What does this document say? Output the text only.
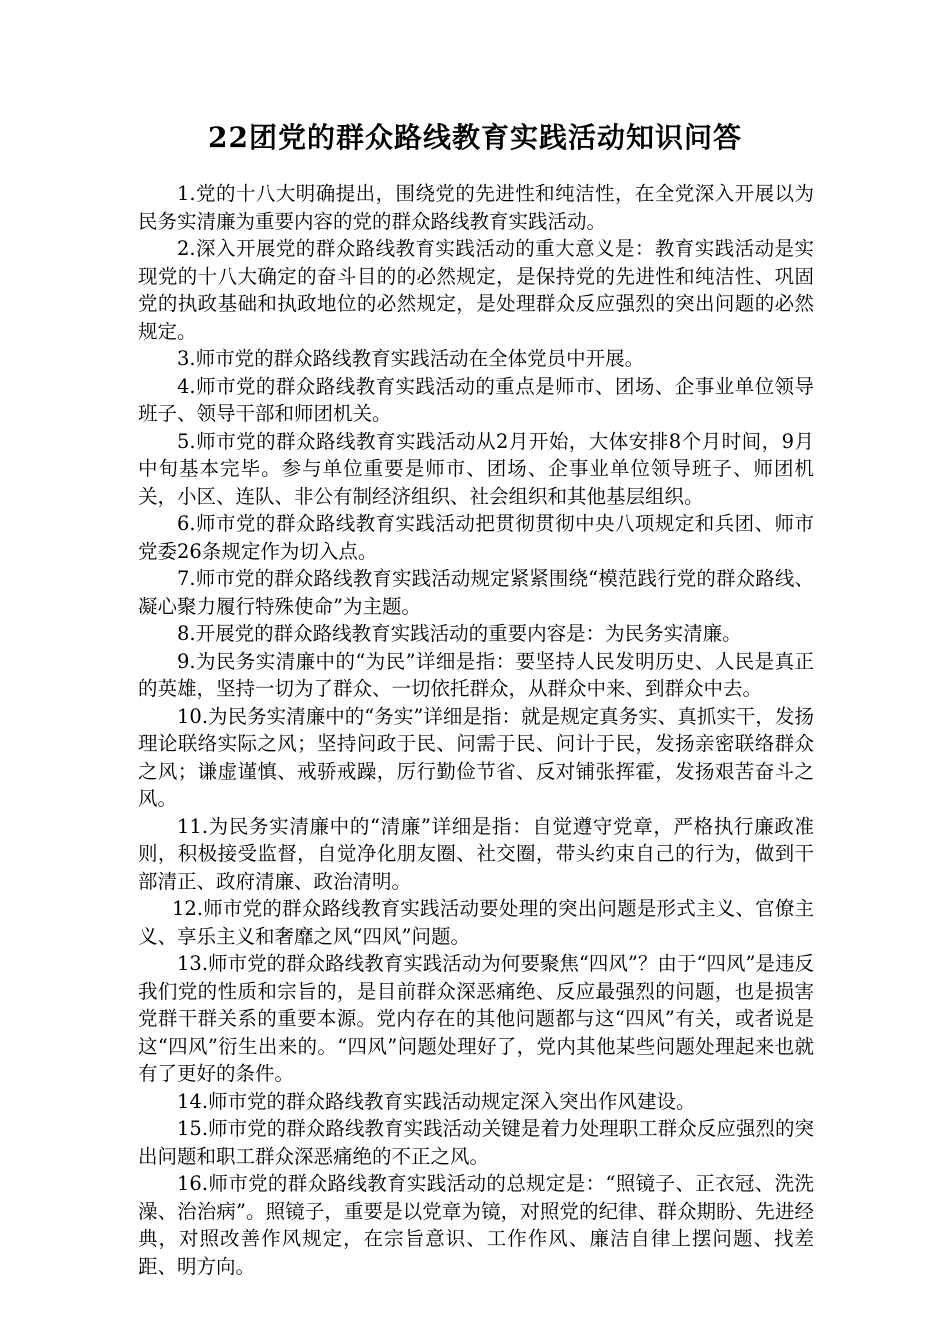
22团党的群众路线教育实践活动知识问答

1.党的十八大明确提出，围绕党的先进性和纯洁性，在全党深入开展以为民务实清廉为重要内容的党的群众路线教育实践活动。

2.深入开展党的群众路线教育实践活动的重大意义是：教育实践活动是实现党的十八大确定的奋斗目的的必然规定，是保持党的先进性和纯洁性、巩固党的执政基础和执政地位的必然规定，是处理群众反应强烈的突出问题的必然规定。

3.师市党的群众路线教育实践活动在全体党员中开展。

4.师市党的群众路线教育实践活动的重点是师市、团场、企事业单位领导班子、领导干部和师团机关。

5.师市党的群众路线教育实践活动从2月开始，大体安排8个月时间，9月中旬基本完毕。参与单位重要是师市、团场、企事业单位领导班子、师团机关，小区、连队、非公有制经济组织、社会组织和其他基层组织。

6.师市党的群众路线教育实践活动把贯彻贯彻中央八项规定和兵团、师市党委26条规定作为切入点。

7.师市党的群众路线教育实践活动规定紧紧围绕“模范践行党的群众路线、凝心聚力履行特殊使命”为主题。

8.开展党的群众路线教育实践活动的重要内容是：为民务实清廉。

9.为民务实清廉中的“为民”详细是指：要坚持人民发明历史、人民是真正的英雄，坚持一切为了群众、一切依托群众，从群众中来、到群众中去。

10.为民务实清廉中的“务实”详细是指：就是规定真务实、真抓实干，发扬理论联络实际之风；坚持问政于民、问需于民、问计于民，发扬亲密联络群众之风；谦虚谨慎、戒骄戒躁，厉行勤俭节省、反对铺张挥霍，发扬艰苦奋斗之风。

11.为民务实清廉中的“清廉”详细是指：自觉遵守党章，严格执行廉政准则，积极接受监督，自觉净化朋友圈、社交圈，带头约束自己的行为，做到干部清正、政府清廉、政治清明。

12.师市党的群众路线教育实践活动要处理的突出问题是形式主义、官僚主义、享乐主义和奢靡之风“四风”问题。

13.师市党的群众路线教育实践活动为何要聚焦“四风”？由于“四风”是违反我们党的性质和宗旨的，是目前群众深恶痛绝、反应最强烈的问题，也是损害党群干群关系的重要本源。党内存在的其他问题都与这“四风”有关，或者说是这“四风”衍生出来的。“四风”问题处理好了，党内其他某些问题处理起来也就有了更好的条件。

14.师市党的群众路线教育实践活动规定深入突出作风建设。

15.师市党的群众路线教育实践活动关键是着力处理职工群众反应强烈的突出问题和职工群众深恶痛绝的不正之风。

16.师市党的群众路线教育实践活动的总规定是：“照镜子、正衣冠、洗洗澡、治治病”。照镜子，重要是以党章为镜，对照党的纪律、群众期盼、先进经典，对照改善作风规定，在宗旨意识、工作作风、廉洁自律上摆问题、找差距、明方向。
